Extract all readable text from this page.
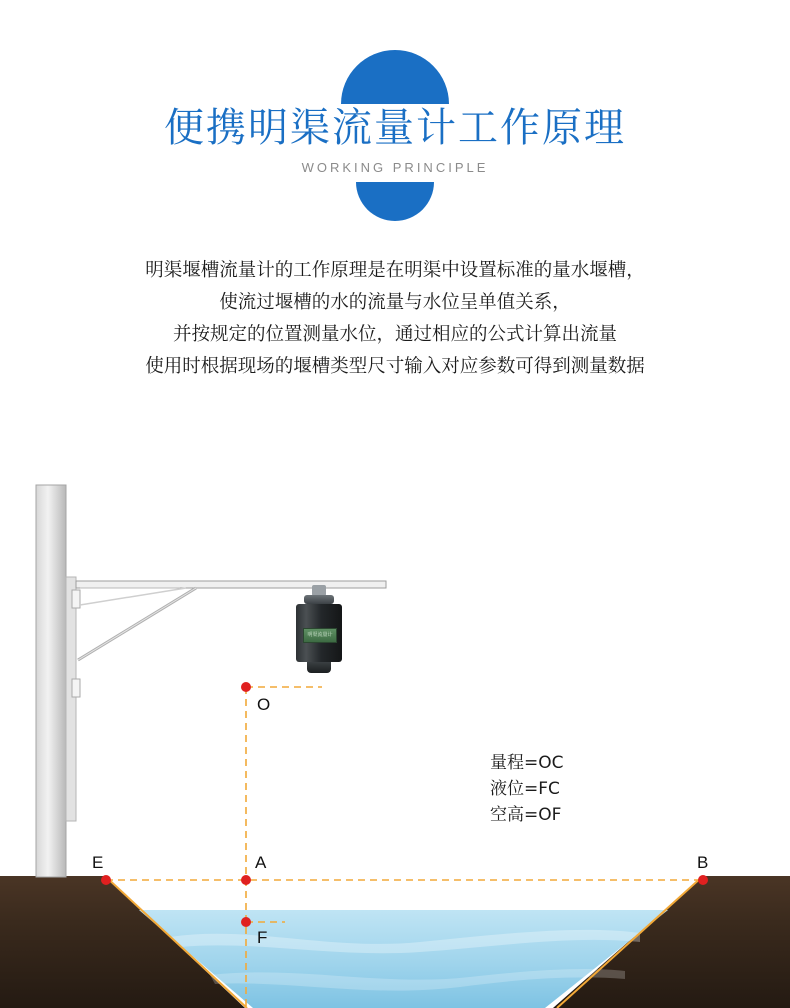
便携明渠流量计工作原理
WORKING PRINCIPLE
明渠堰槽流量计的工作原理是在明渠中设置标准的量水堰槽，
使流过堰槽的水的流量与水位呈单值关系，
并按规定的位置测量水位，通过相应的公式计算出流量
使用时根据现场的堰槽类型尺寸输入对应参数可得到测量数据
明渠流量计
O
E	A	B
F
量程=OC
液位=FC
空高=OF
